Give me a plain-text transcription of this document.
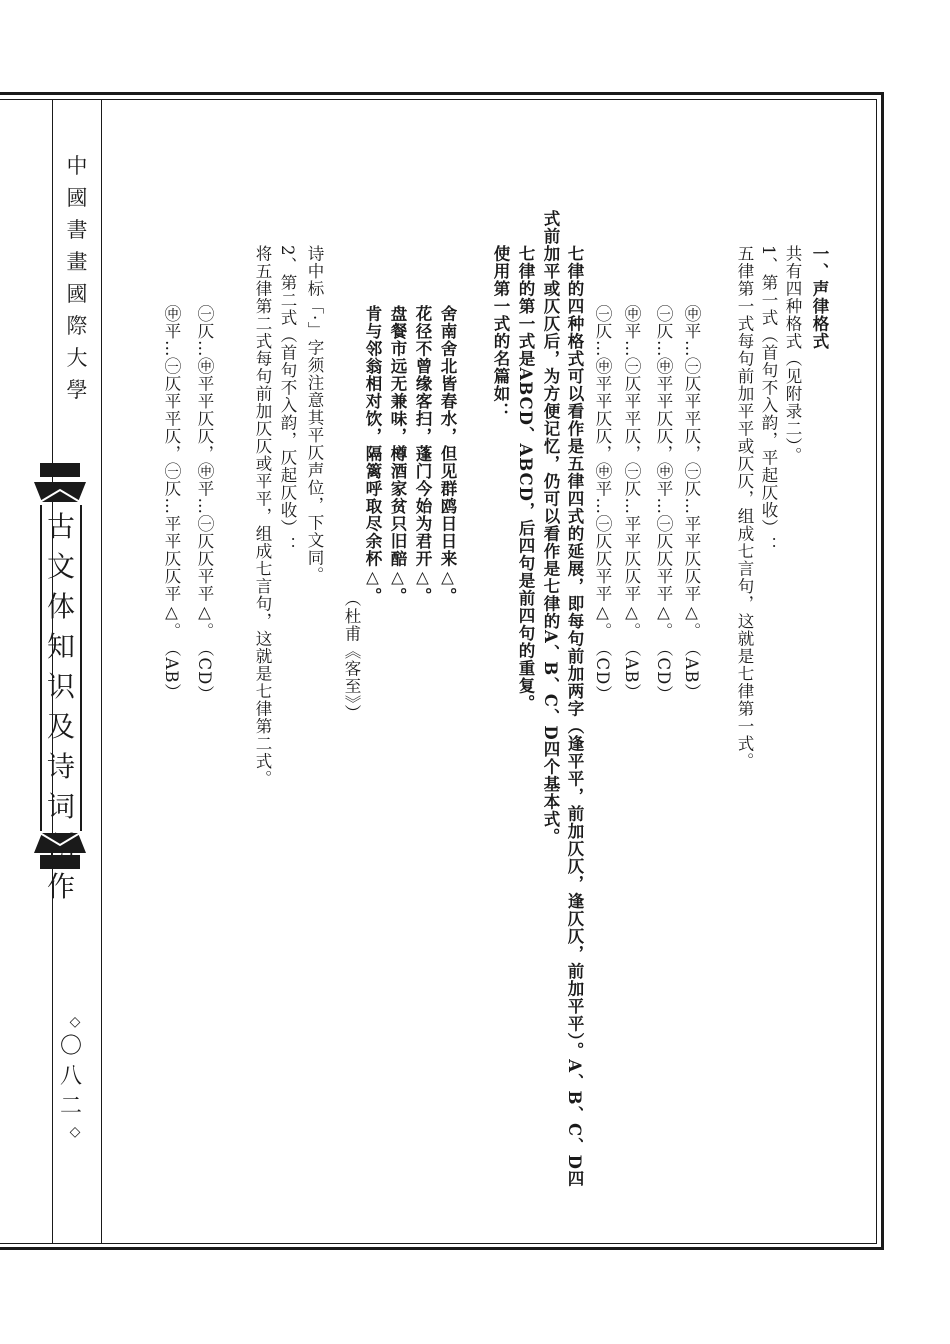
中
國
書
畫
國
際
大
學
古
文
体
知
识
及
诗
词
作
◇
〇八二
◇
一、声律格式
共有四种格式（见附录二）。
1、第一式（首句不入韵，平起仄收）：
五律第一式每句前加平平或仄仄，组成七言句，这就是七律第一式。
㊥平…㊀仄平平仄，㊀仄…平平仄仄平△。
（AB）
㊀仄…㊥平平仄仄，㊥平…㊀仄仄平平△。
（CD）
㊥平…㊀仄平平仄，㊀仄…平平仄仄平△。
（AB）
㊀仄…㊥平平仄仄，㊥平…㊀仄仄平平△。
（CD）
七律的四种格式可以看作是五律四式的延展，即每句前加两字（逢平平，前加仄仄，逢仄仄，前加平平）。A、B、C、D四
式前加平或仄仄后，为方便记忆，仍可以看作是七律的A、B、C、D四个基本式。
七律的第一式是ABCD、ABCD，后四句是前四句的重复。
使用第一式的名篇如：
舍南舍北皆春水，但见群鸥日日来△。
花径不曾缘客扫，蓬门今始为君开△。
盘餐市远无兼味，樽酒家贫只旧醅△。
肯与邻翁相对饮，隔篱呼取尽余杯△。
（杜甫《客至》）
诗中标「·」字须注意其平仄声位，下文同。
2、第二式（首句不入韵，仄起仄收）：
将五律第二式每句前加仄仄或平平，组成七言句，这就是七律第二式。
㊀仄…㊥平平仄仄，㊥平…㊀仄仄平平△。
（CD）
㊥平…㊀仄平平仄，㊀仄…平平仄仄平△。
（AB）
